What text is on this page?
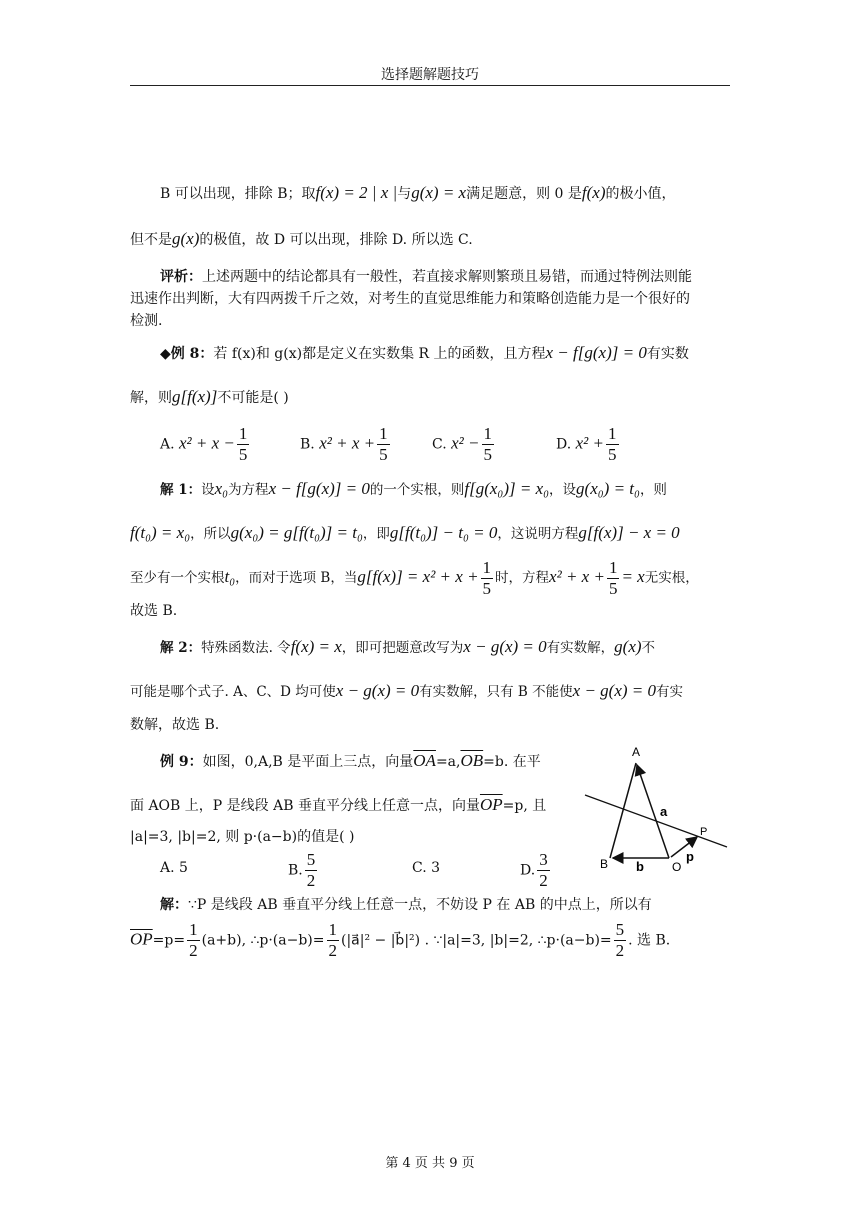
选择题解题技巧
B 可以出现，排除 B；取f(x) = 2 | x |与g(x) = x满足题意，则 0 是f(x)的极小值，
但不是g(x)的极值，故 D 可以出现，排除 D. 所以选 C.
评析：上述两题中的结论都具有一般性，若直接求解则繁琐且易错，而通过特例法则能
迅速作出判断，大有四两拨千斤之效，对考生的直觉思维能力和策略创造能力是一个很好的
检测.
◆例 8：若 f(x)和 g(x)都是定义在实数集 R 上的函数，且方程x − f[g(x)] = 0有实数
解，则g[f(x)]不可能是( )
A. $x^2 + x - \frac{1}{5}$	B. $x^2 + x + \frac{1}{5}$	C. $x^2 - \frac{1}{5}$	D. $x^2 + \frac{1}{5}$
解 1：设x₀为方程x − f[g(x)] = 0的一个实根，则f[g(x₀)] = x₀，设g(x₀) = t₀，则
f(t₀) = x₀，所以g(x₀) = g[f(t₀)] = t₀，即g[f(t₀)] − t₀ = 0，这说明方程g[f(x)] − x = 0
至少有一个实根t₀，而对于选项 B，当$g[f(x)] = x^2 + x + \frac{1}{5}$ 时，方程$x^2 + x + \frac{1}{5} = x$无实根，
故选 B.
解 2：特殊函数法. 令f(x) = x，即可把题意改写为x − g(x) = 0有实数解，g(x)不
可能是哪个式子. A、C、D 均可使x − g(x) = 0有实数解，只有 B 不能使x − g(x) = 0有实
数解，故选 B.
例 9：如图，0,A,B 是平面上三点，向量$\overline{OA}=a,\overline{OB}=b$. 在平
面 AOB 上，P 是线段 AB 垂直平分线上任意一点，向量$\overline{OP}=p$, 且
|a|=3, |b|=2, 则 p·(a−b)的值是( )
A. 5	B. $\frac{5}{2}$	C. 3	D. $\frac{3}{2}$
A
B	O
P
a
b
p
解：∵P 是线段 AB 垂直平分线上任意一点，不妨设 P 在 AB 的中点上，所以有
$\overline{OP}=p= \frac{1}{2} (a+b)$, ∴p·(a−b)= $\frac{1}{2}$ (|a⃗|² − |b⃗|²) . ∵|a|=3, |b|=2, ∴p·(a−b)= $\frac{5}{2}$ . 选 B.
第 4 页 共 9 页
